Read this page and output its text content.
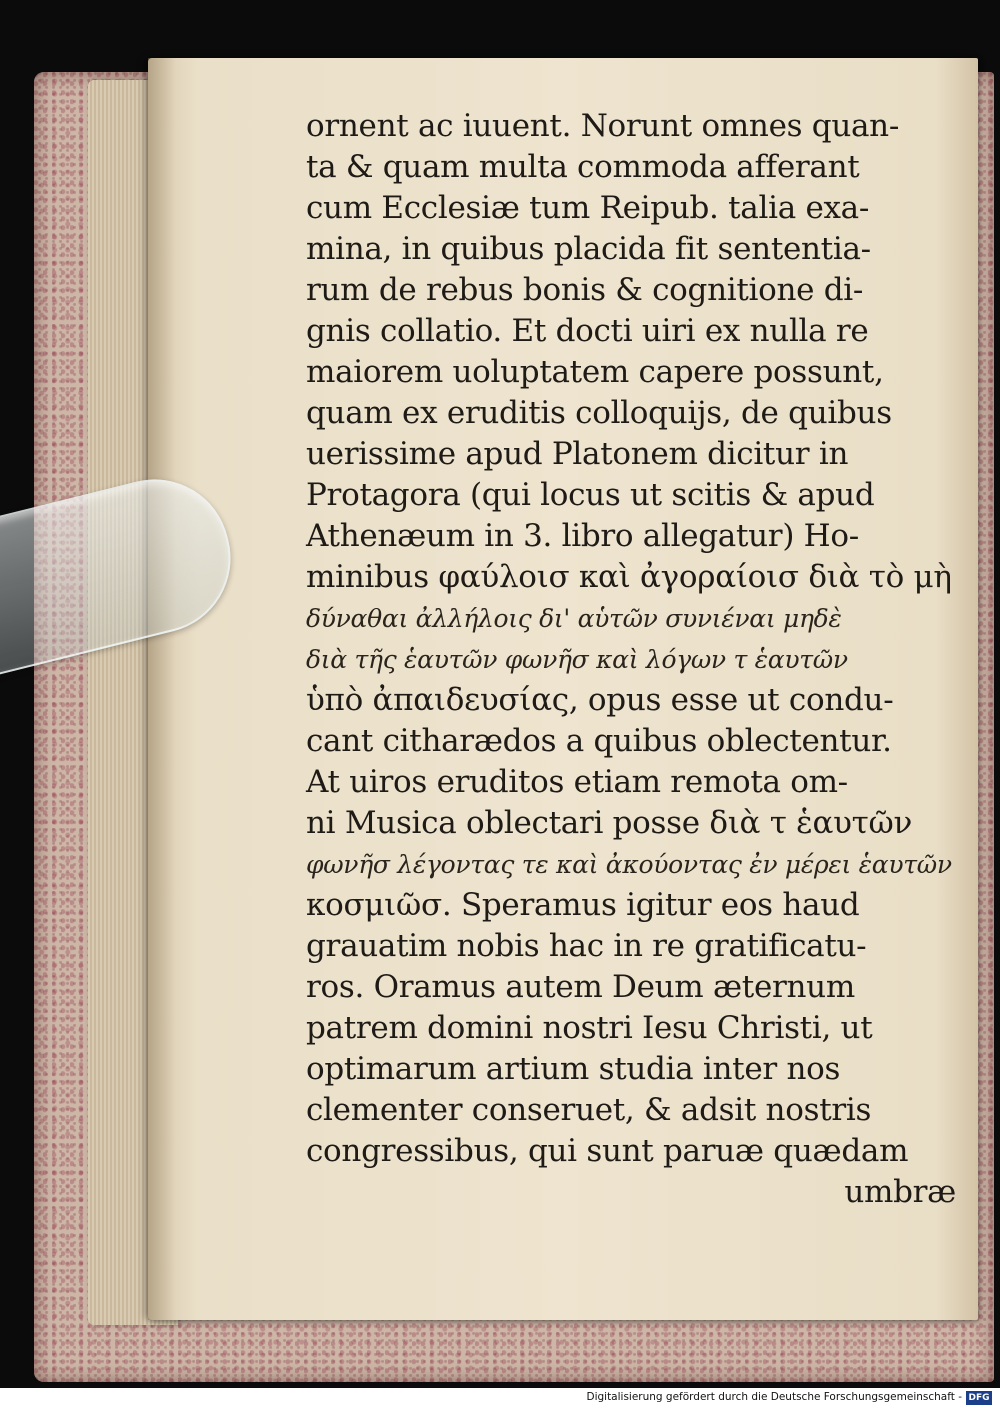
ornent ac iuuent. Norunt omnes quan-
ta & quam multa commoda afferant
cum Ecclesiæ tum Reipub. talia exa-
mina, in quibus placida fit sententia-
rum de rebus bonis & cognitione di-
gnis collatio. Et docti uiri ex nulla re
maiorem uoluptatem capere possunt,
quam ex eruditis colloquijs, de quibus
uerissime apud Platonem dicitur in
Protagora (qui locus ut scitis & apud
Athenæum in 3. libro allegatur) Ho-
minibus φαύλοισ καὶ ἀγοραίοισ διὰ τὸ μὴ
δύναθαι ἀλλήλοις δι' αὑτῶν συνιέναι μηδὲ
διὰ τῆς ἑαυτῶν φωνῆσ καὶ λόγων τ ἑαυτῶν
ὑπὸ ἀπαιδευσίας, opus esse ut condu-
cant citharædos a quibus oblectentur.
At uiros eruditos etiam remota om-
ni Musica oblectari posse διὰ τ ἑαυτῶν
φωνῆσ λέγοντας τε καὶ ἀκούοντας ἐν μέρει ἑαυτῶν
κοσμιῶσ. Speramus igitur eos haud
grauatim nobis hac in re gratificatu-
ros. Oramus autem Deum æternum
patrem domini nostri Iesu Christi, ut
optimarum artium studia inter nos
clementer conseruet, & adsit nostris
congressibus, qui sunt paruæ quædam
umbræ
Digitalisierung gefördert durch die Deutsche Forschungsgemeinschaft - DFG
